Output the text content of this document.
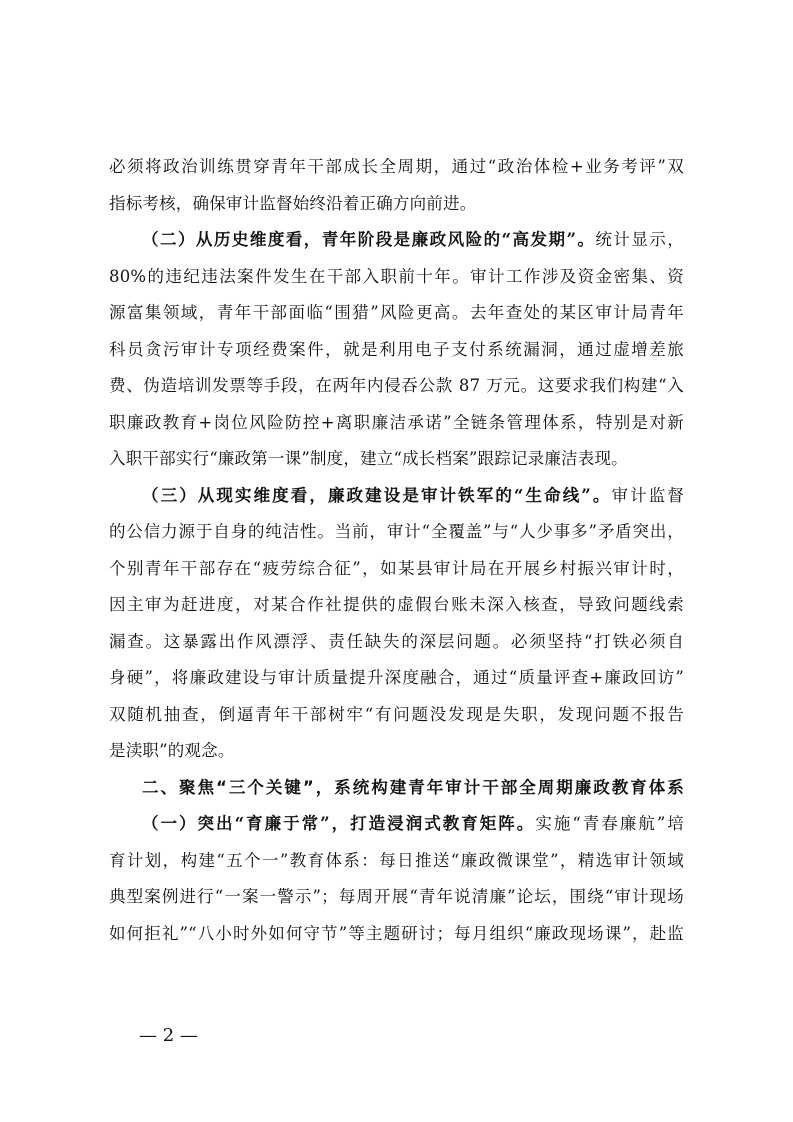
必须将政治训练贯穿青年干部成长全周期，通过“政治体检+业务考评”双
指标考核，确保审计监督始终沿着正确方向前进。
（二）从历史维度看，青年阶段是廉政风险的“高发期”。统计显示，
80%的违纪违法案件发生在干部入职前十年。审计工作涉及资金密集、资
源富集领域，青年干部面临“围猎”风险更高。去年查处的某区审计局青年
科员贪污审计专项经费案件，就是利用电子支付系统漏洞，通过虚增差旅
费、伪造培训发票等手段，在两年内侵吞公款 87 万元。这要求我们构建“入
职廉政教育+岗位风险防控+离职廉洁承诺”全链条管理体系，特别是对新
入职干部实行“廉政第一课”制度，建立“成长档案”跟踪记录廉洁表现。
（三）从现实维度看，廉政建设是审计铁军的“生命线”。审计监督
的公信力源于自身的纯洁性。当前，审计“全覆盖”与“人少事多”矛盾突出，
个别青年干部存在“疲劳综合征”，如某县审计局在开展乡村振兴审计时，
因主审为赶进度，对某合作社提供的虚假台账未深入核查，导致问题线索
漏查。这暴露出作风漂浮、责任缺失的深层问题。必须坚持“打铁必须自
身硬”，将廉政建设与审计质量提升深度融合，通过“质量评查+廉政回访”
双随机抽查，倒逼青年干部树牢“有问题没发现是失职，发现问题不报告
是渎职”的观念。
二、聚焦“三个关键”，系统构建青年审计干部全周期廉政教育体系
（一）突出“育廉于常”，打造浸润式教育矩阵。实施“青春廉航”培
育计划，构建“五个一”教育体系：每日推送“廉政微课堂”，精选审计领域
典型案例进行“一案一警示”；每周开展“青年说清廉”论坛，围绕“审计现场
如何拒礼”“八小时外如何守节”等主题研讨；每月组织“廉政现场课”，赴监
— 2 —
